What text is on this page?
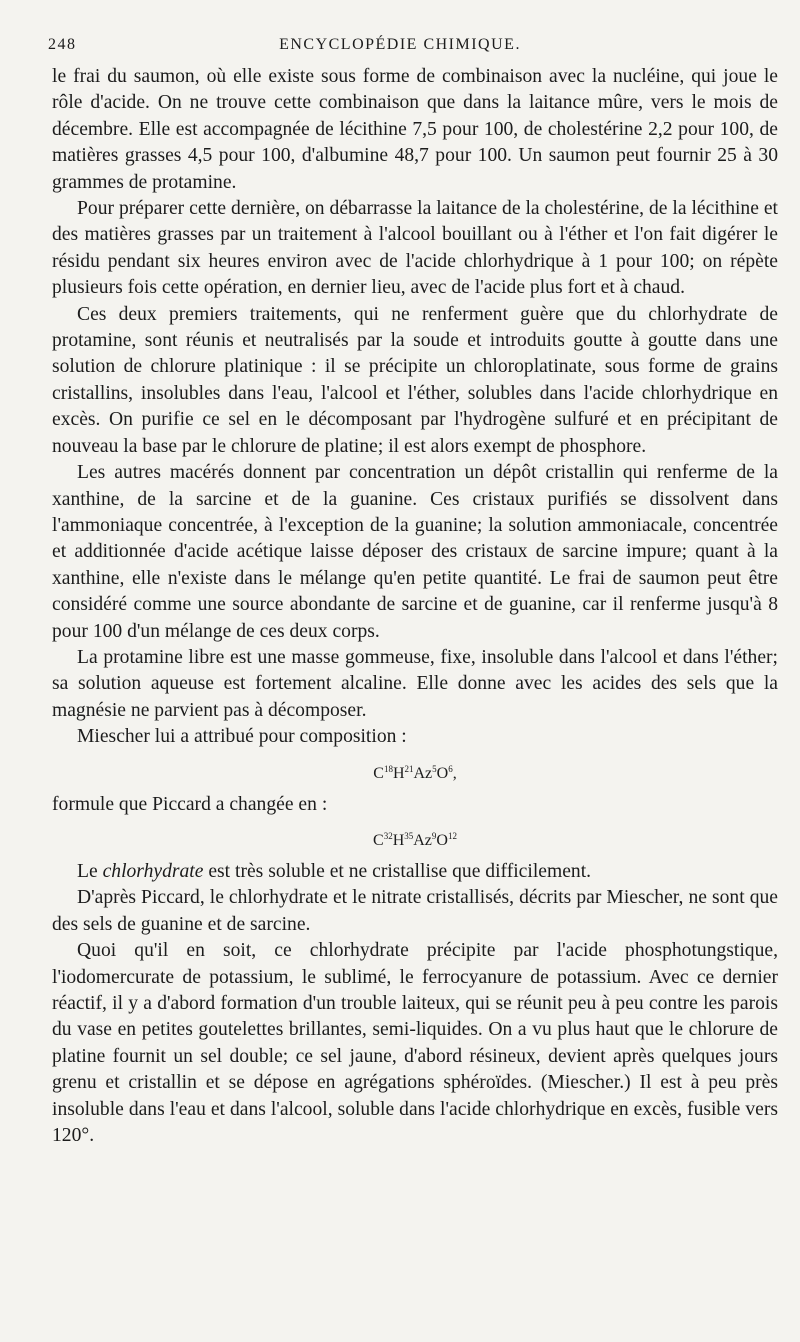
248	ENCYCLOPÉDIE CHIMIQUE.

le frai du saumon, où elle existe sous forme de combinaison avec la nucléine, qui joue le rôle d'acide. On ne trouve cette combinaison que dans la laitance mûre, vers le mois de décembre. Elle est accompagnée de lécithine 7,5 pour 100, de cholestérine 2,2 pour 100, de matières grasses 4,5 pour 100, d'albumine 48,7 pour 100. Un saumon peut fournir 25 à 30 grammes de protamine.

Pour préparer cette dernière, on débarrasse la laitance de la cholestérine, de la lécithine et des matières grasses par un traitement à l'alcool bouillant ou à l'éther et l'on fait digérer le résidu pendant six heures environ avec de l'acide chlorhydrique à 1 pour 100; on répète plusieurs fois cette opération, en dernier lieu, avec de l'acide plus fort et à chaud.

Ces deux premiers traitements, qui ne renferment guère que du chlorhydrate de protamine, sont réunis et neutralisés par la soude et introduits goutte à goutte dans une solution de chlorure platinique : il se précipite un chloroplatinate, sous forme de grains cristallins, insolubles dans l'eau, l'alcool et l'éther, solubles dans l'acide chlorhydrique en excès. On purifie ce sel en le décomposant par l'hydrogène sulfuré et en précipitant de nouveau la base par le chlorure de platine; il est alors exempt de phosphore.

Les autres macérés donnent par concentration un dépôt cristallin qui renferme de la xanthine, de la sarcine et de la guanine. Ces cristaux purifiés se dissolvent dans l'ammoniaque concentrée, à l'exception de la guanine; la solution ammoniacale, concentrée et additionnée d'acide acétique laisse déposer des cristaux de sarcine impure; quant à la xanthine, elle n'existe dans le mélange qu'en petite quantité. Le frai de saumon peut être considéré comme une source abondante de sarcine et de guanine, car il renferme jusqu'à 8 pour 100 d'un mélange de ces deux corps.

La protamine libre est une masse gommeuse, fixe, insoluble dans l'alcool et dans l'éther; sa solution aqueuse est fortement alcaline. Elle donne avec les acides des sels que la magnésie ne parvient pas à décomposer.

Miescher lui a attribué pour composition :

$C^{18}H^{21}Az^5O^6$,

formule que Piccard a changée en :

$C^{32}H^{35}Az^9O^{12}$

Le chlorhydrate est très soluble et ne cristallise que difficilement.

D'après Piccard, le chlorhydrate et le nitrate cristallisés, décrits par Miescher, ne sont que des sels de guanine et de sarcine.

Quoi qu'il en soit, ce chlorhydrate précipite par l'acide phosphotungstique, l'iodomercurate de potassium, le sublimé, le ferrocyanure de potassium. Avec ce dernier réactif, il y a d'abord formation d'un trouble laiteux, qui se réunit peu à peu contre les parois du vase en petites goutelettes brillantes, semi-liquides. On a vu plus haut que le chlorure de platine fournit un sel double; ce sel jaune, d'abord résineux, devient après quelques jours grenu et cristallin et se dépose en agrégations sphéroïdes. (Miescher.) Il est à peu près insoluble dans l'eau et dans l'alcool, soluble dans l'acide chlorhydrique en excès, fusible vers 120°.
